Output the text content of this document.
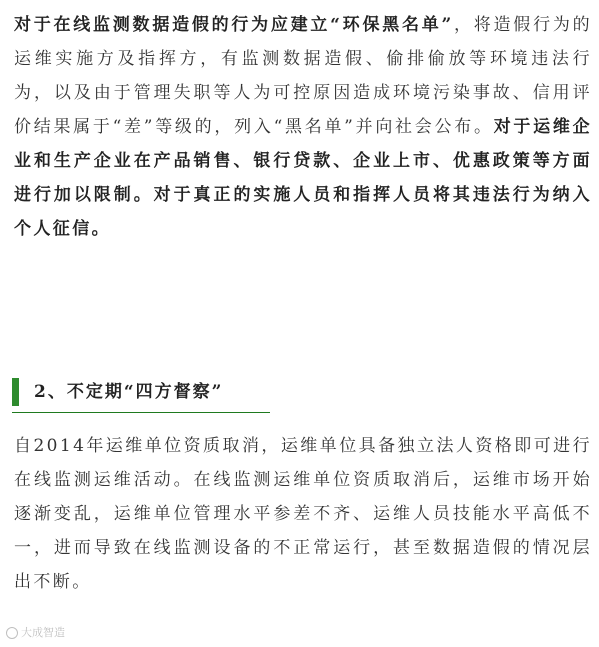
对于在线监测数据造假的行为应建立“环保黑名单”，将造假行为的运维实施方及指挥方，有监测数据造假、偷排偷放等环境违法行为，以及由于管理失职等人为可控原因造成环境污染事故、信用评价结果属于“差”等级的，列入“黑名单”并向社会公布。对于运维企业和生产企业在产品销售、银行贷款、企业上市、优惠政策等方面进行加以限制。对于真正的实施人员和指挥人员将其违法行为纳入个人征信。

2、不定期“四方督察”

自2014年运维单位资质取消，运维单位具备独立法人资格即可进行在线监测运维活动。在线监测运维单位资质取消后，运维市场开始逐渐变乱，运维单位管理水平参差不齐、运维人员技能水平高低不一，进而导致在线监测设备的不正常运行，甚至数据造假的情况层出不断。

大成智造
